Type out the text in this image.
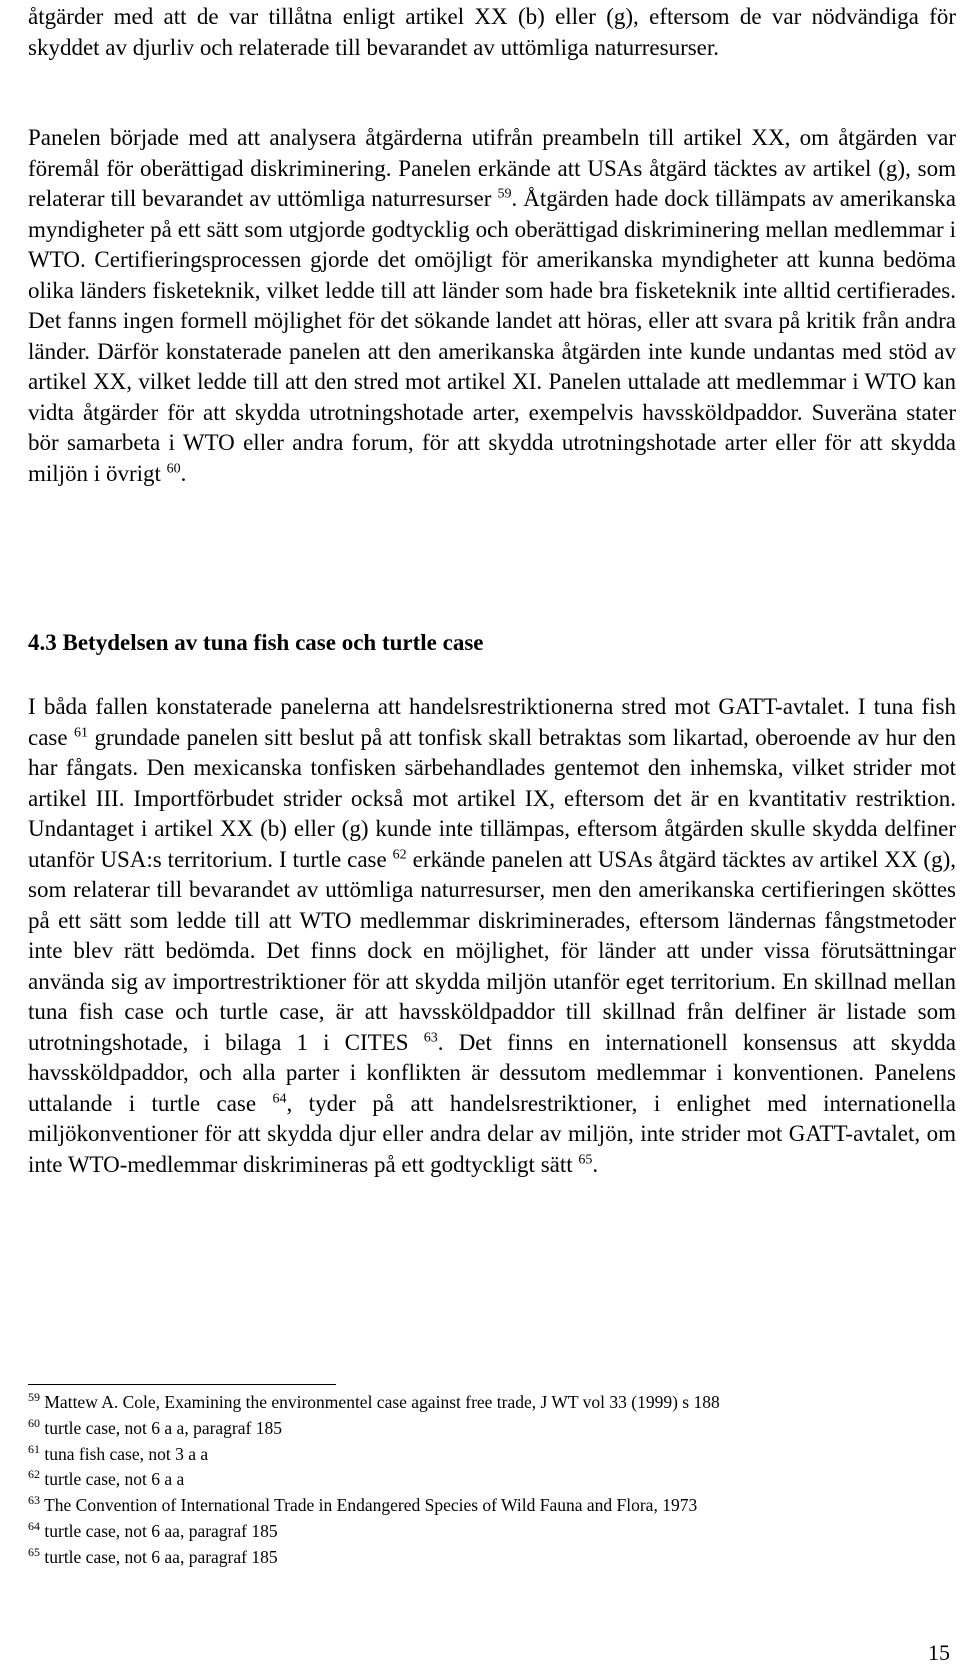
åtgärder med att de var tillåtna enligt artikel XX (b) eller (g), eftersom de var nödvändiga för skyddet av djurliv och relaterade till bevarandet av uttömliga naturresurser.

Panelen började med att analysera åtgärderna utifrån preambeln till artikel XX, om åtgärden var föremål för oberättigad diskriminering. Panelen erkände att USAs åtgärd täcktes av artikel (g), som relaterar till bevarandet av uttömliga naturresurser $^{59}$. Åtgärden hade dock tillämpats av amerikanska myndigheter på ett sätt som utgjorde godtycklig och oberättigad diskriminering mellan medlemmar i WTO. Certifieringsprocessen gjorde det omöjligt för amerikanska myndigheter att kunna bedöma olika länders fisketeknik, vilket ledde till att länder som hade bra fisketeknik inte alltid certifierades. Det fanns ingen formell möjlighet för det sökande landet att höras, eller att svara på kritik från andra länder. Därför konstaterade panelen att den amerikanska åtgärden inte kunde undantas med stöd av artikel XX, vilket ledde till att den stred mot artikel XI. Panelen uttalade att medlemmar i WTO kan vidta åtgärder för att skydda utrotningshotade arter, exempelvis havssköldpaddor. Suveräna stater bör samarbeta i WTO eller andra forum, för att skydda utrotningshotade arter eller för att skydda miljön i övrigt $^{60}$.

4.3 Betydelsen av tuna fish case och turtle case

I båda fallen konstaterade panelerna att handelsrestriktionerna stred mot GATT-avtalet. I tuna fish case $^{61}$ grundade panelen sitt beslut på att tonfisk skall betraktas som likartad, oberoende av hur den har fångats. Den mexicanska tonfisken särbehandlades gentemot den inhemska, vilket strider mot artikel III. Importförbudet strider också mot artikel IX, eftersom det är en kvantitativ restriktion. Undantaget i artikel XX (b) eller (g) kunde inte tillämpas, eftersom åtgärden skulle skydda delfiner utanför USA:s territorium. I turtle case $^{62}$ erkände panelen att USAs åtgärd täcktes av artikel XX (g), som relaterar till bevarandet av uttömliga naturresurser, men den amerikanska certifieringen sköttes på ett sätt som ledde till att WTO medlemmar diskriminerades, eftersom ländernas fångstmetoder inte blev rätt bedömda. Det finns dock en möjlighet, för länder att under vissa förutsättningar använda sig av importrestriktioner för att skydda miljön utanför eget territorium. En skillnad mellan tuna fish case och turtle case, är att havssköldpaddor till skillnad från delfiner är listade som utrotningshotade, i bilaga 1 i CITES $^{63}$. Det finns en internationell konsensus att skydda havssköldpaddor, och alla parter i konflikten är dessutom medlemmar i konventionen. Panelens uttalande i turtle case $^{64}$, tyder på att handelsrestriktioner, i enlighet med internationella miljökonventioner för att skydda djur eller andra delar av miljön, inte strider mot GATT-avtalet, om inte WTO-medlemmar diskrimineras på ett godtyckligt sätt $^{65}$.

$^{59}$ Mattew A. Cole, Examining the environmentel case against free trade, J WT vol 33 (1999) s 188

$^{60}$ turtle case, not 6 a a, paragraf 185

$^{61}$ tuna fish case, not 3 a a

$^{62}$ turtle case, not 6 a a

$^{63}$ The Convention of International Trade in Endangered Species of Wild Fauna and Flora, 1973

$^{64}$ turtle case, not 6 aa, paragraf 185

$^{65}$ turtle case, not 6 aa, paragraf 185

15
